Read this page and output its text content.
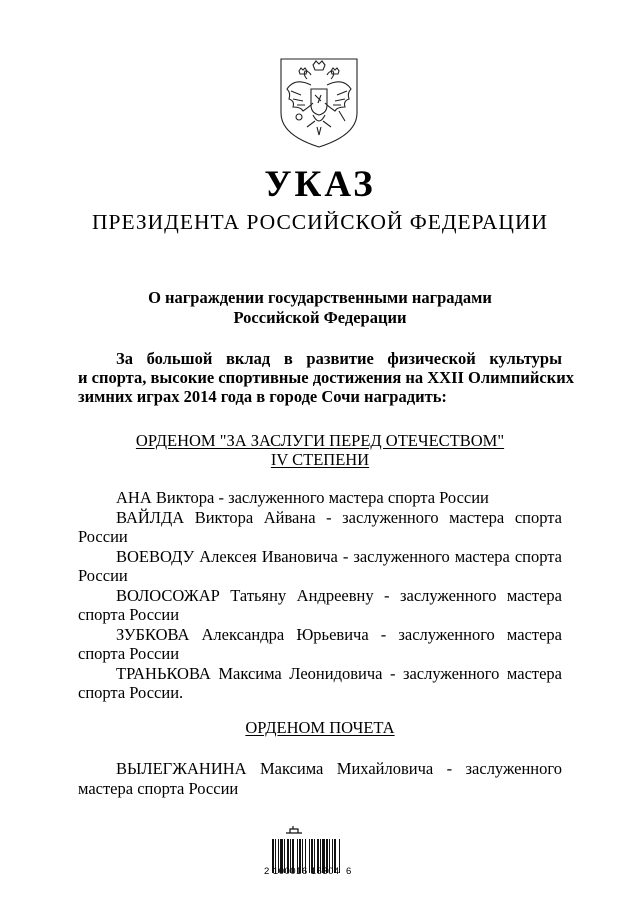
УКАЗ
ПРЕЗИДЕНТА РОССИЙСКОЙ ФЕДЕРАЦИИ
О награждении государственными наградами
Российской Федерации
За большой вклад в развитие физической культуры
и спорта, высокие спортивные достижения на XXII Олимпийских
зимних играх 2014 года в городе Сочи наградить:
ОРДЕНОМ "ЗА ЗАСЛУГИ ПЕРЕД ОТЕЧЕСТВОМ"
IV СТЕПЕНИ
АНА Виктора - заслуженного мастера спорта России
ВАЙЛДА Виктора Айвана - заслуженного мастера спорта
России
ВОЕВОДУ Алексея Ивановича - заслуженного мастера спорта
России
ВОЛОСОЖАР Татьяну Андреевну - заслуженного мастера
спорта России
ЗУБКОВА Александра Юрьевича - заслуженного мастера
спорта России
ТРАНЬКОВА Максима Леонидовича - заслуженного мастера
спорта России.
ОРДЕНОМ ПОЧЕТА
ВЫЛЕГЖАНИНА Максима Михайловича - заслуженного
мастера спорта России
2 100016 16304  6
